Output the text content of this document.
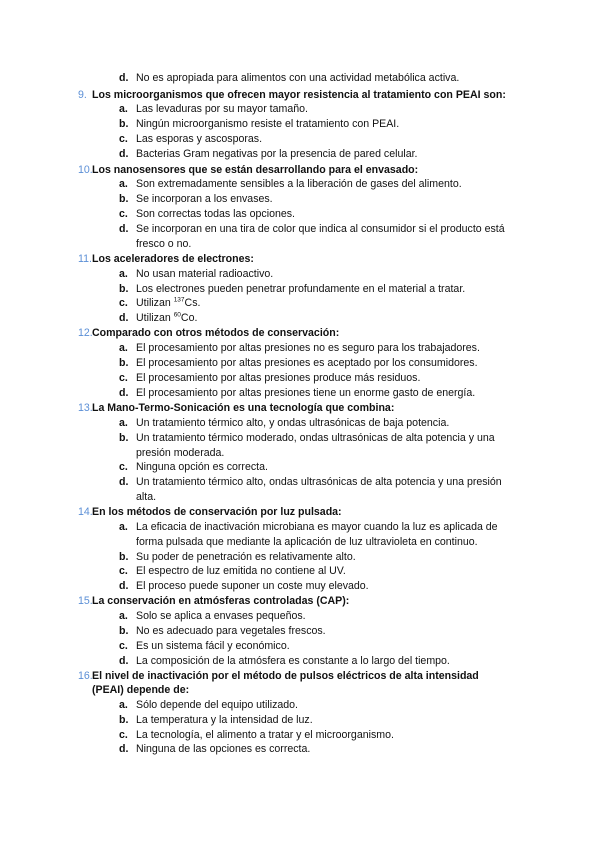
d. No es apropiada para alimentos con una actividad metabólica activa.
9. Los microorganismos que ofrecen mayor resistencia al tratamiento con PEAI son:
a. Las levaduras por su mayor tamaño.
b. Ningún microorganismo resiste el tratamiento con PEAI.
c. Las esporas y ascosporas.
d. Bacterias Gram negativas por la presencia de pared celular.
10. Los nanosensores que se están desarrollando para el envasado:
a. Son extremadamente sensibles a la liberación de gases del alimento.
b. Se incorporan a los envases.
c. Son correctas todas las opciones.
d. Se incorporan en una tira de color que indica al consumidor si el producto está
fresco o no.
11. Los aceleradores de electrones:
a. No usan material radioactivo.
b. Los electrones pueden penetrar profundamente en el material a tratar.
c. Utilizan $^{137}$Cs.
d. Utilizan $^{60}$Co.
12. Comparado con otros métodos de conservación:
a. El procesamiento por altas presiones no es seguro para los trabajadores.
b. El procesamiento por altas presiones es aceptado por los consumidores.
c. El procesamiento por altas presiones produce más residuos.
d. El procesamiento por altas presiones tiene un enorme gasto de energía.
13. La Mano-Termo-Sonicación es una tecnología que combina:
a. Un tratamiento térmico alto, y ondas ultrasónicas de baja potencia.
b. Un tratamiento térmico moderado, ondas ultrasónicas de alta potencia y una
presión moderada.
c. Ninguna opción es correcta.
d. Un tratamiento térmico alto, ondas ultrasónicas de alta potencia y una presión
alta.
14. En los métodos de conservación por luz pulsada:
a. La eficacia de inactivación microbiana es mayor cuando la luz es aplicada de
forma pulsada que mediante la aplicación de luz ultravioleta en continuo.
b. Su poder de penetración es relativamente alto.
c. El espectro de luz emitida no contiene al UV.
d. El proceso puede suponer un coste muy elevado.
15. La conservación en atmósferas controladas (CAP):
a. Solo se aplica a envases pequeños.
b. No es adecuado para vegetales frescos.
c. Es un sistema fácil y económico.
d. La composición de la atmósfera es constante a lo largo del tiempo.
16. El nivel de inactivación por el método de pulsos eléctricos de alta intensidad
(PEAI) depende de:
a. Sólo depende del equipo utilizado.
b. La temperatura y la intensidad de luz.
c. La tecnología, el alimento a tratar y el microorganismo.
d. Ninguna de las opciones es correcta.
